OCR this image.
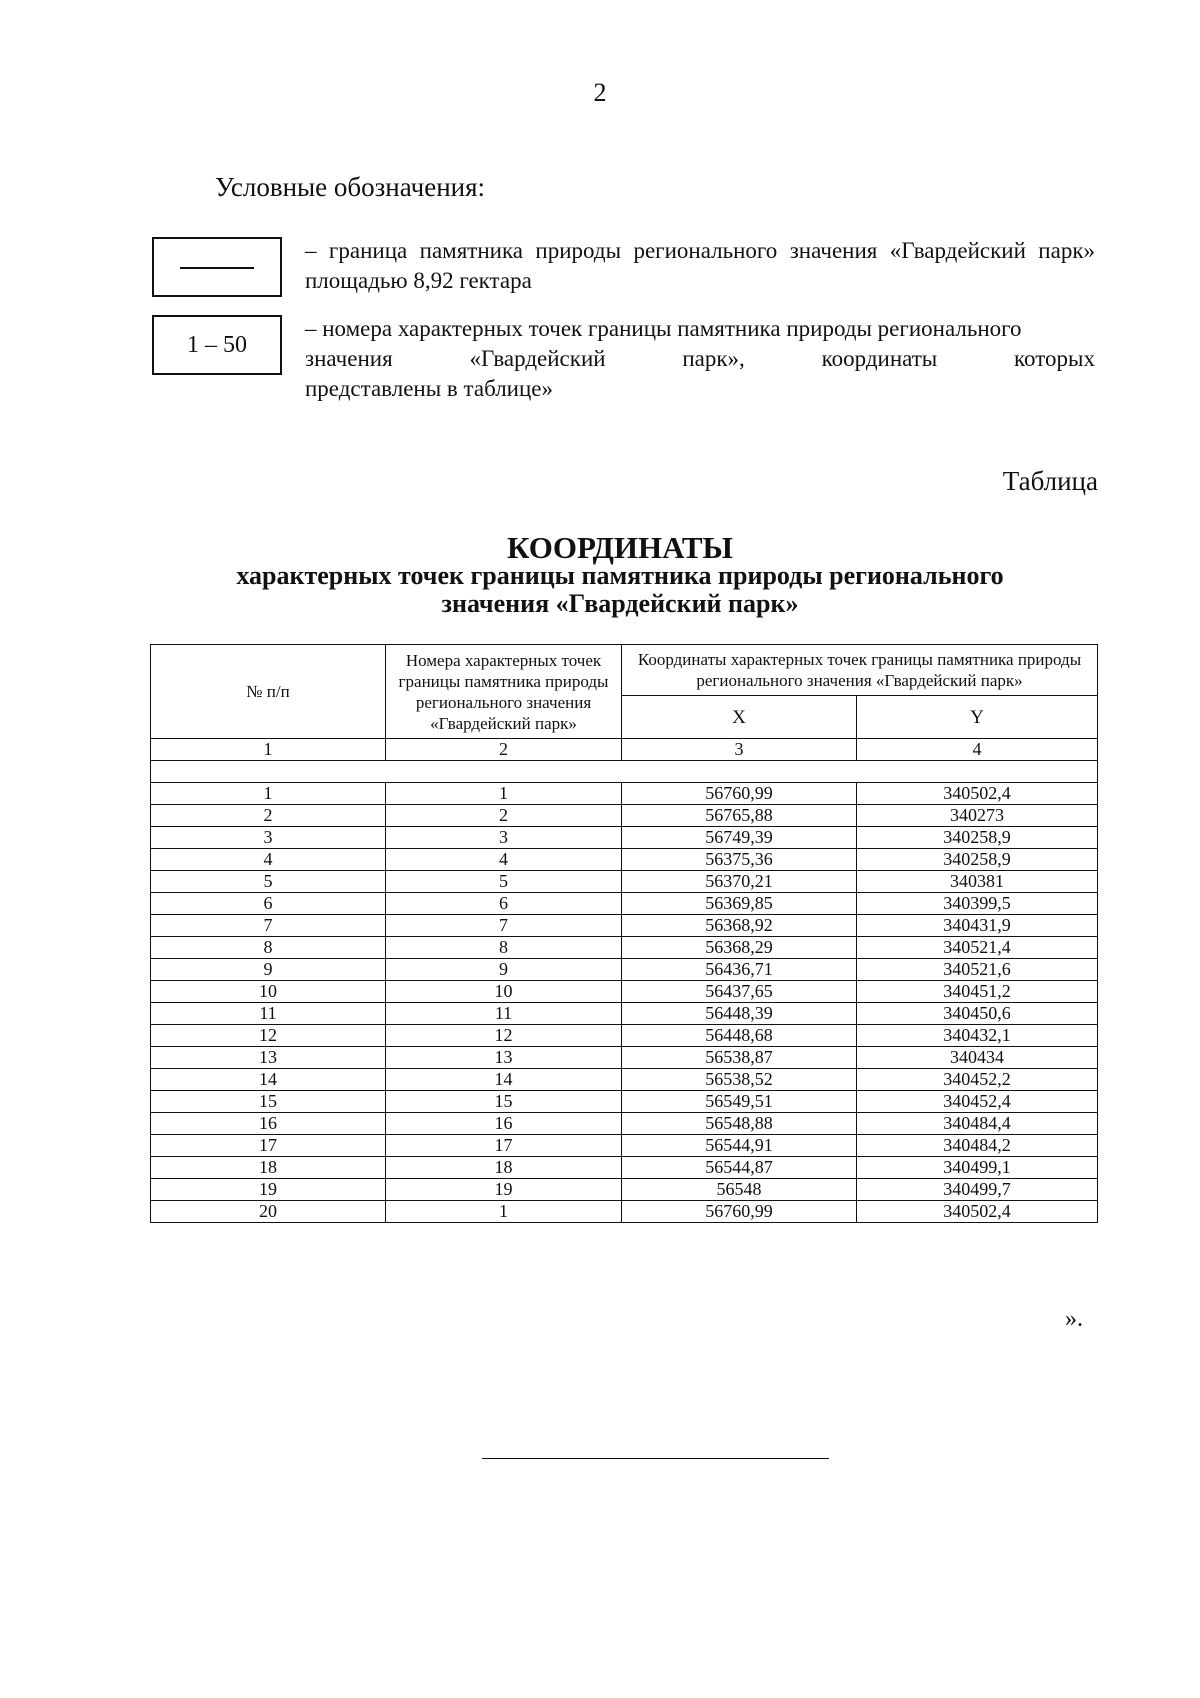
2
Условные обозначения:
– граница памятника природы регионального значения «Гвардейский парк» площадью 8,92 гектара
1 – 50
– номера характерных точек границы памятника природы регионального
значения	«Гвардейский	парк»,	координаты	которых
представлены в таблице»
Таблица
КООРДИНАТЫ
характерных точек границы памятника природы регионального
значения «Гвардейский парк»
№ п/п	Номера характерных точек границы памятника природы регионального значения «Гвардейский парк»	Координаты характерных точек границы памятника природы регионального значения «Гвардейский парк»	
		X	Y
1	2	3	4

1	1	56760,99	340502,4
2	2	56765,88	340273
3	3	56749,39	340258,9
4	4	56375,36	340258,9
5	5	56370,21	340381
6	6	56369,85	340399,5
7	7	56368,92	340431,9
8	8	56368,29	340521,4
9	9	56436,71	340521,6
10	10	56437,65	340451,2
11	11	56448,39	340450,6
12	12	56448,68	340432,1
13	13	56538,87	340434
14	14	56538,52	340452,2
15	15	56549,51	340452,4
16	16	56548,88	340484,4
17	17	56544,91	340484,2
18	18	56544,87	340499,1
19	19	56548	340499,7
20	1	56760,99	340502,4
».
